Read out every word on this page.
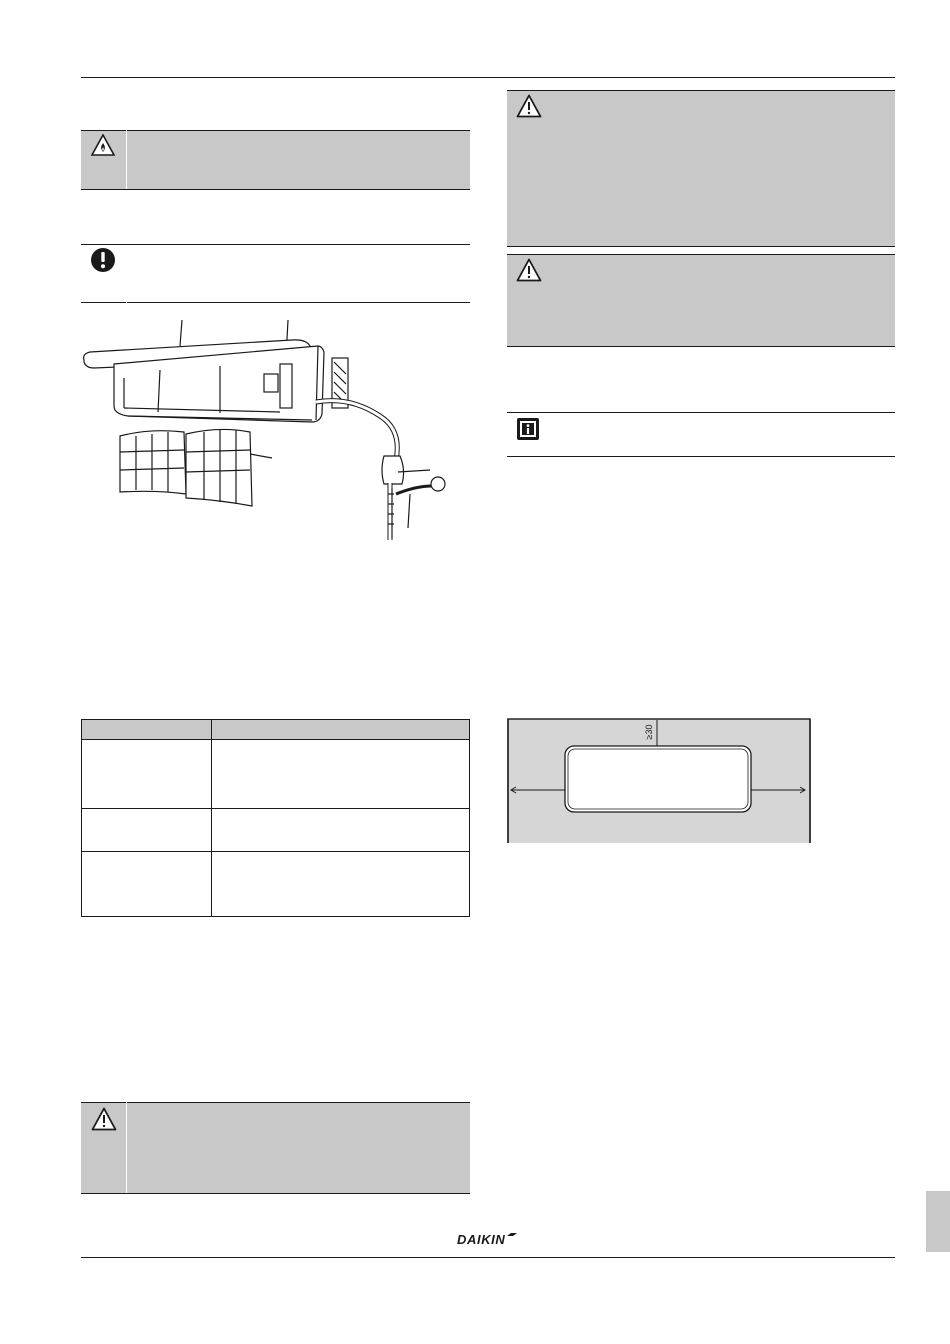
≥30
DAIKIN
